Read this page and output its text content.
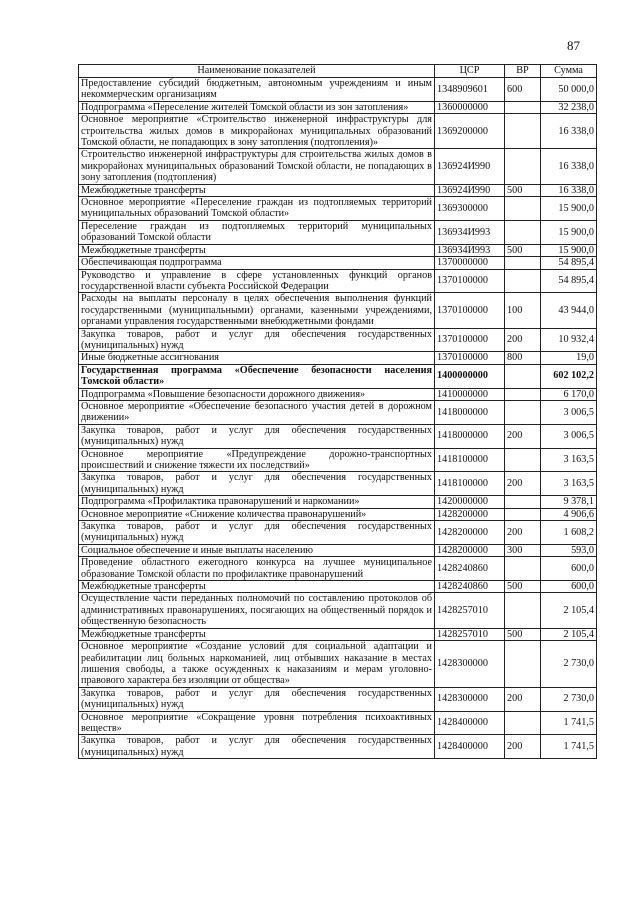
87
Наименование показателей	ЦСР	ВР	Сумма
Предоставление субсидий бюджетным, автономным учреждениям и иным некоммерческим организациям	1348909601	600	50 000,0
Подпрограмма «Переселение жителей Томской области из зон затопления»	1360000000		32 238,0
Основное мероприятие «Строительство инженерной инфраструктуры для строительства жилых домов в микрорайонах муниципальных образований Томской области, не попадающих в зону затопления (подтопления)»	1369200000		16 338,0
Строительство инженерной инфраструктуры для строительства жилых домов в микрорайонах муниципальных образований Томской области, не попадающих в зону затопления (подтопления)	136924И990		16 338,0
Межбюджетные трансферты	136924И990	500	16 338,0
Основное мероприятие «Переселение граждан из подтопляемых территорий муниципальных образований Томской области»	1369300000		15 900,0
Переселение граждан из подтопляемых территорий муниципальных образований Томской области	136934И993		15 900,0
Межбюджетные трансферты	136934И993	500	15 900,0
Обеспечивающая подпрограмма	1370000000		54 895,4
Руководство и управление в сфере установленных функций органов государственной власти субъекта Российской Федерации	1370100000		54 895,4
Расходы на выплаты персоналу в целях обеспечения выполнения функций государственными (муниципальными) органами, казенными учреждениями, органами управления государственными внебюджетными фондами	1370100000	100	43 944,0
Закупка товаров, работ и услуг для обеспечения государственных (муниципальных) нужд	1370100000	200	10 932,4
Иные бюджетные ассигнования	1370100000	800	19,0
Государственная программа «Обеспечение безопасности населения Томской области»	1400000000		602 102,2
Подпрограмма «Повышение безопасности дорожного движения»	1410000000		6 170,0
Основное мероприятие «Обеспечение безопасного участия детей в дорожном движении»	1418000000		3 006,5
Закупка товаров, работ и услуг для обеспечения государственных (муниципальных) нужд	1418000000	200	3 006,5
Основное мероприятие «Предупреждение дорожно-транспортных происшествий и снижение тяжести их последствий»	1418100000		3 163,5
Закупка товаров, работ и услуг для обеспечения государственных (муниципальных) нужд	1418100000	200	3 163,5
Подпрограмма «Профилактика правонарушений и наркомании»	1420000000		9 378,1
Основное мероприятие «Снижение количества правонарушений»	1428200000		4 906,6
Закупка товаров, работ и услуг для обеспечения государственных (муниципальных) нужд	1428200000	200	1 608,2
Социальное обеспечение и иные выплаты населению	1428200000	300	593,0
Проведение областного ежегодного конкурса на лучшее муниципальное образование Томской области по профилактике правонарушений	1428240860		600,0
Межбюджетные трансферты	1428240860	500	600,0
Осуществление части переданных полномочий по составлению протоколов об административных правонарушениях, посягающих на общественный порядок и общественную безопасность	1428257010		2 105,4
Межбюджетные трансферты	1428257010	500	2 105,4
Основное мероприятие «Создание условий для социальной адаптации и реабилитации лиц больных наркоманией, лиц отбывших наказание в местах лишения свободы, а также осужденных к наказаниям и мерам уголовно-правового характера без изоляции от общества»	1428300000		2 730,0
Закупка товаров, работ и услуг для обеспечения государственных (муниципальных) нужд	1428300000	200	2 730,0
Основное мероприятие «Сокращение уровня потребления психоактивных веществ»	1428400000		1 741,5
Закупка товаров, работ и услуг для обеспечения государственных (муниципальных) нужд	1428400000	200	1 741,5
